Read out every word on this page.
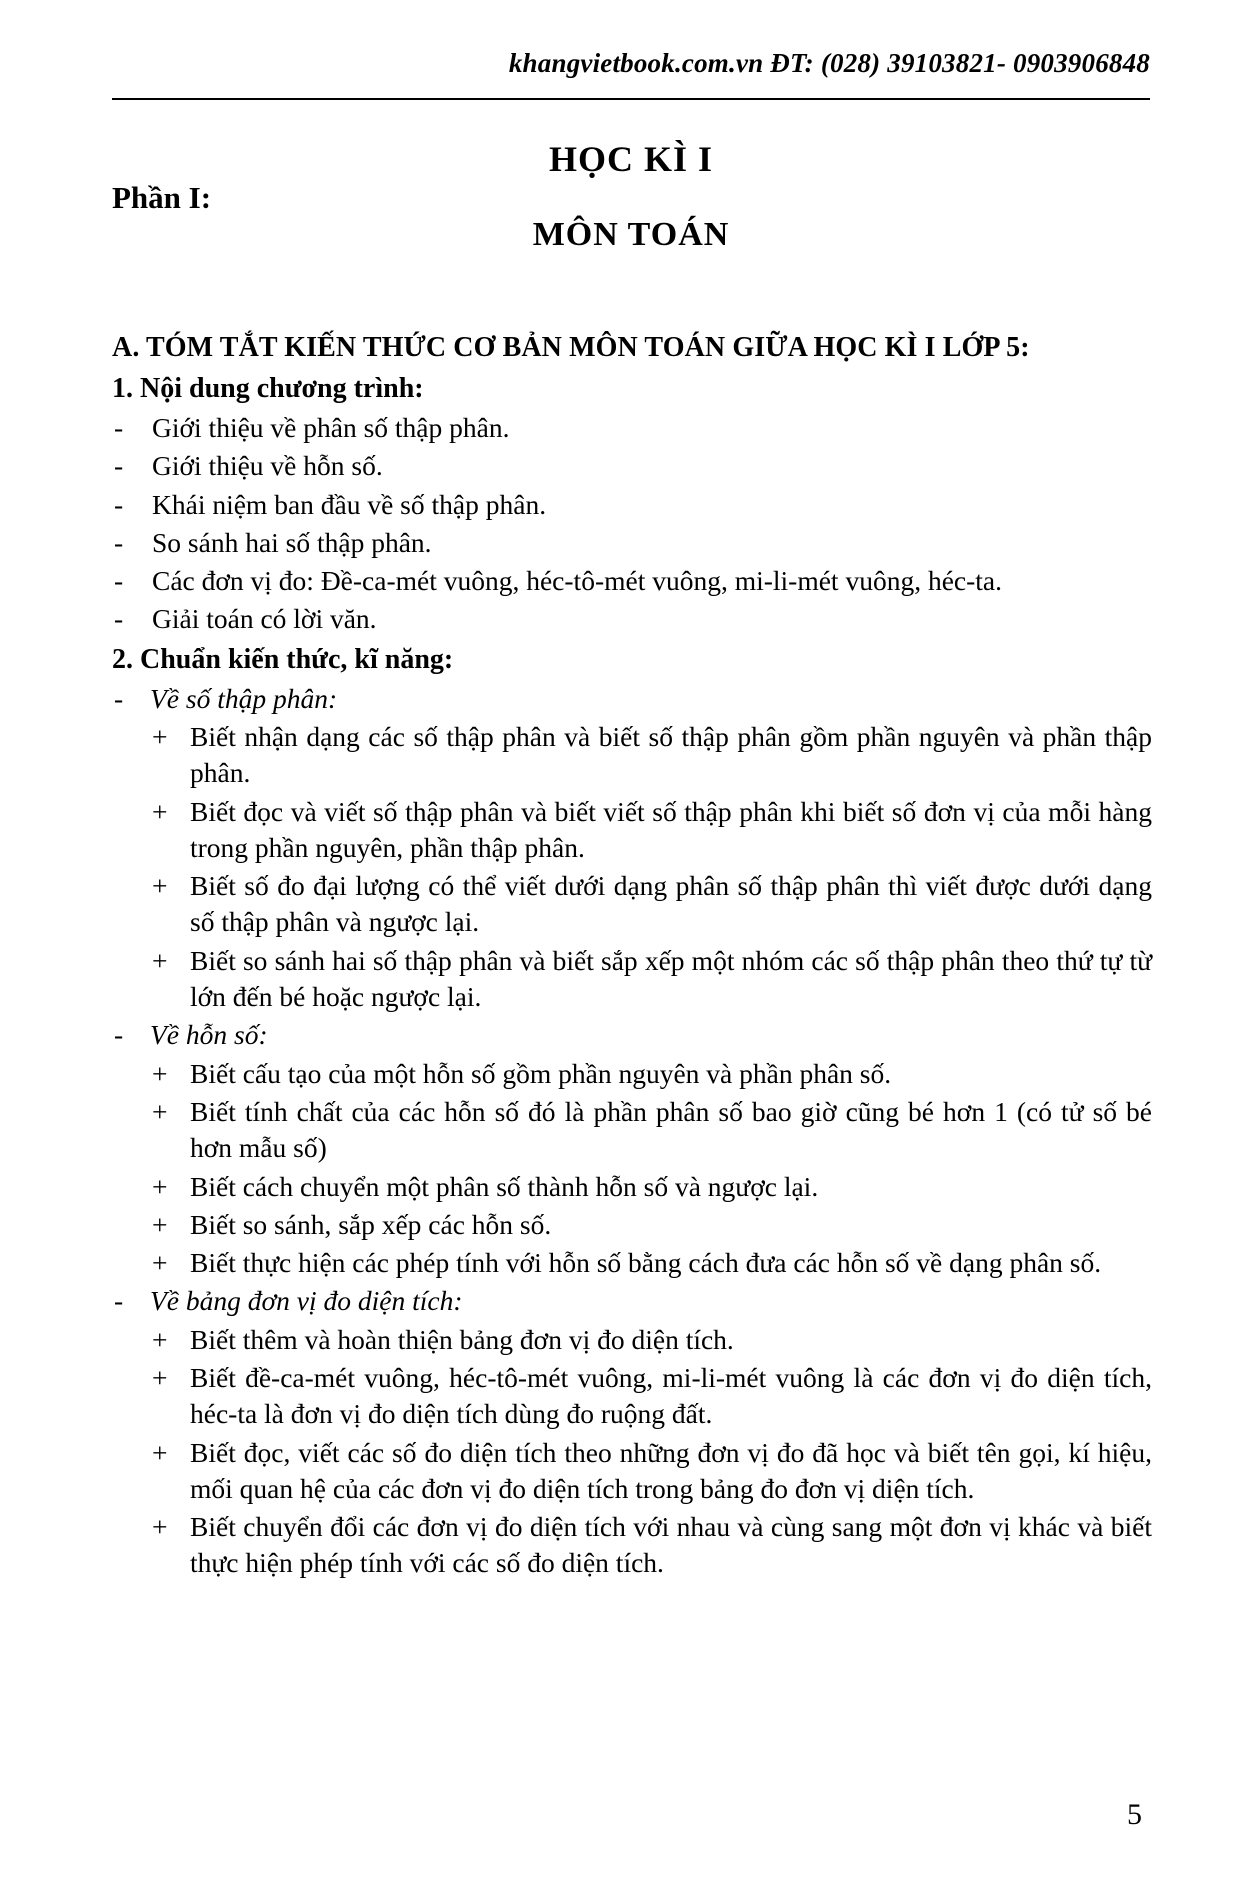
khangvietbook.com.vn ĐT: (028) 39103821- 0903906848
Phần I:
HỌC KÌ I
MÔN TOÁN
A. TÓM TẮT KIẾN THỨC CƠ BẢN MÔN TOÁN GIỮA HỌC KÌ I LỚP 5:
1. Nội dung chương trình:
- Giới thiệu về phân số thập phân.
- Giới thiệu về hỗn số.
- Khái niệm ban đầu về số thập phân.
- So sánh hai số thập phân.
- Các đơn vị đo: Đề-ca-mét vuông, héc-tô-mét vuông, mi-li-mét vuông, héc-ta.
- Giải toán có lời văn.
2. Chuẩn kiến thức, kĩ năng:
- Về số thập phân:
+ Biết nhận dạng các số thập phân và biết số thập phân gồm phần nguyên và phần thập phân.
+ Biết đọc và viết số thập phân và biết viết số thập phân khi biết số đơn vị của mỗi hàng trong phần nguyên, phần thập phân.
+ Biết số đo đại lượng có thể viết dưới dạng phân số thập phân thì viết được dưới dạng số thập phân và ngược lại.
+ Biết so sánh hai số thập phân và biết sắp xếp một nhóm các số thập phân theo thứ tự từ lớn đến bé hoặc ngược lại.
- Về hỗn số:
+ Biết cấu tạo của một hỗn số gồm phần nguyên và phần phân số.
+ Biết tính chất của các hỗn số đó là phần phân số bao giờ cũng bé hơn 1 (có tử số bé hơn mẫu số)
+ Biết cách chuyển một phân số thành hỗn số và ngược lại.
+ Biết so sánh, sắp xếp các hỗn số.
+ Biết thực hiện các phép tính với hỗn số bằng cách đưa các hỗn số về dạng phân số.
- Về bảng đơn vị đo diện tích:
+ Biết thêm và hoàn thiện bảng đơn vị đo diện tích.
+ Biết đề-ca-mét vuông, héc-tô-mét vuông, mi-li-mét vuông là các đơn vị đo diện tích, héc-ta là đơn vị đo diện tích dùng đo ruộng đất.
+ Biết đọc, viết các số đo diện tích theo những đơn vị đo đã học và biết tên gọi, kí hiệu, mối quan hệ của các đơn vị đo diện tích trong bảng đo đơn vị diện tích.
+ Biết chuyển đổi các đơn vị đo diện tích với nhau và cùng sang một đơn vị khác và biết thực hiện phép tính với các số đo diện tích.
5
